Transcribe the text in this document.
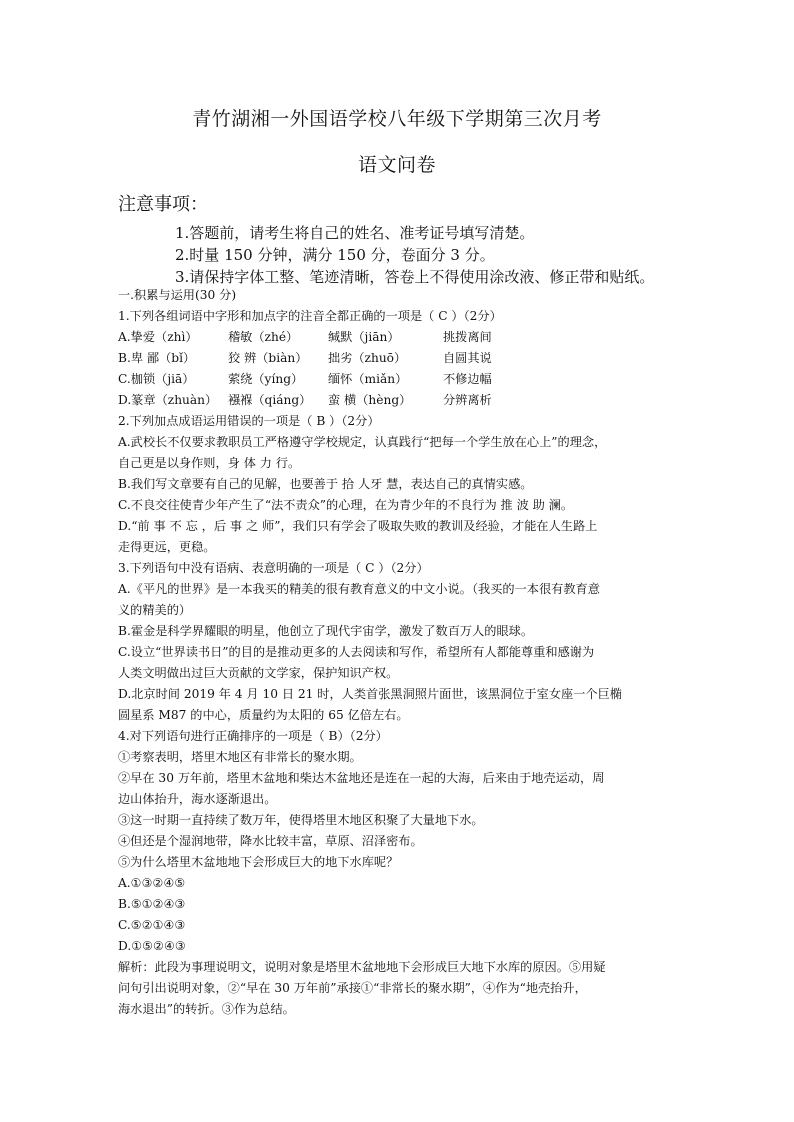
青竹湖湘一外国语学校八年级下学期第三次月考
语文问卷
注意事项：
1.答题前，请考生将自己的姓名、准考证号填写清楚。
2.时量 150 分钟，满分 150 分，卷面分 3 分。
3.请保持字体工整、笔迹清晰，答卷上不得使用涂改液、修正带和贴纸。
一.积累与运用(30 分)
1.下列各组词语中字形和加点字的注音全都正确的一项是（ C ）（2分）
A.挚爱（zhì）	稽敏（zhé）	缄默（jiān）	挑拨离间
B.卑 鄙（bǐ）	狡 辨（biàn）	拙劣（zhuō）	自圆其说
C.枷锁（jiā）	萦绕（yíng）	缅怀（miǎn）	不修边幅
D.篆章（zhuàn） 襁褓（qiáng）	蛮 横（hèng）	分辨离析
2.下列加点成语运用错误的一项是（ B ）（2分）
A.武校长不仅要求教职员工严格遵守学校规定，认真践行“把每一个学生放在心上”的理念，
自己更是以身作则，身 体 力 行。
B.我们写文章要有自己的见解，也要善于 拾 人牙 慧，表达自己的真情实感。
C.不良交往使青少年产生了“法不责众”的心理，在为青少年的不良行为 推 波 助 澜。
D.“前 事 不 忘 ，后 事 之 师”，我们只有学会了吸取失败的教训及经验，才能在人生路上
走得更远，更稳。
3.下列语句中没有语病、表意明确的一项是（ C ）（2分）
A.《平凡的世界》是一本我买的精美的很有教育意义的中文小说。（我买的一本很有教育意
义的精美的）
B.霍金是科学界耀眼的明星，他创立了现代宇宙学，激发了数百万人的眼球。
C.设立“世界读书日”的目的是推动更多的人去阅读和写作，希望所有人都能尊重和感谢为
人类文明做出过巨大贡献的文学家，保护知识产权。
D.北京时间 2019 年 4 月 10 日 21 时，人类首张黑洞照片面世，该黑洞位于室女座一个巨椭
圆星系 M87 的中心，质量约为太阳的 65 亿倍左右。
4.对下列语句进行正确排序的一项是（ B）（2分）
①考察表明，塔里木地区有非常长的聚水期。
②早在 30 万年前，塔里木盆地和柴达木盆地还是连在一起的大海，后来由于地壳运动，周
边山体抬升，海水逐渐退出。
③这一时期一直持续了数万年，使得塔里木地区积聚了大量地下水。
④但还是个湿润地带，降水比较丰富，草原、沼泽密布。
⑤为什么塔里木盆地地下会形成巨大的地下水库呢？
A.①③②④⑤
B.⑤①②④③
C.⑤②①④③
D.①⑤②④③
解析：此段为事理说明文，说明对象是塔里木盆地地下会形成巨大地下水库的原因。⑤用疑
问句引出说明对象，②“早在 30 万年前”承接①“非常长的聚水期”，④作为“地壳抬升，
海水退出”的转折。③作为总结。
